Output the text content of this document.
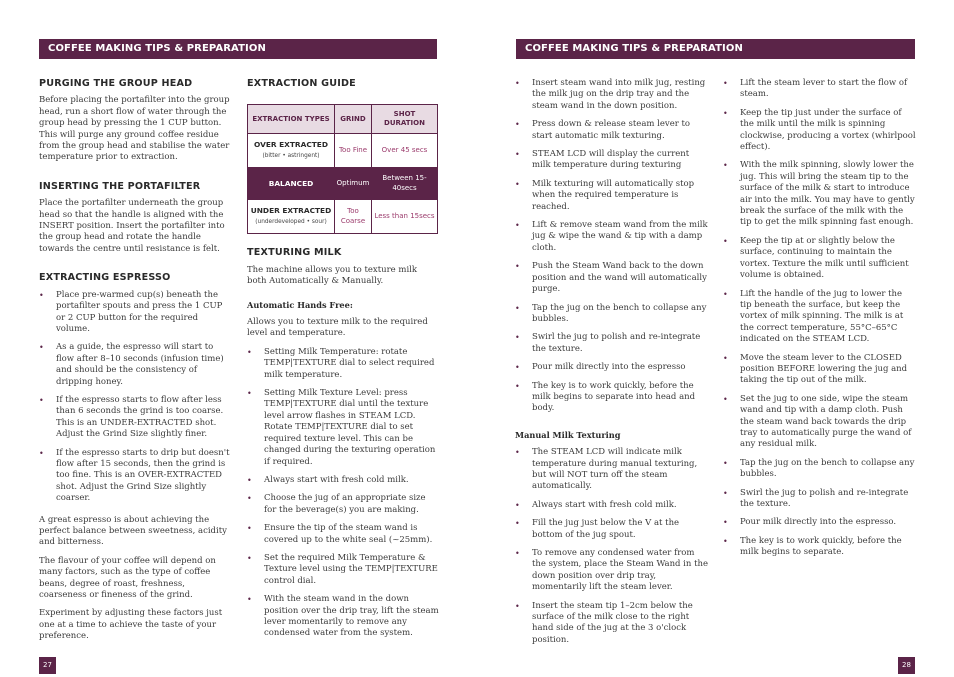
COFFEE MAKING TIPS & PREPARATION
PURGING THE GROUP HEAD

Before placing the portafilter into the group head, run a short flow of water through the group head by pressing the 1 CUP button. This will purge any ground coffee residue from the group head and stabilise the water temperature prior to extraction.

INSERTING THE PORTAFILTER

Place the portafilter underneath the group head so that the handle is aligned with the INSERT position. Insert the portafilter into the group head and rotate the handle towards the centre until resistance is felt.

EXTRACTING ESPRESSO
• Place pre-warmed cup(s) beneath the portafilter spouts and press the 1 CUP or 2 CUP button for the required volume.
• As a guide, the espresso will start to flow after 8–10 seconds (infusion time) and should be the consistency of dripping honey.
• If the espresso starts to flow after less than 6 seconds the grind is too coarse. This is an UNDER-EXTRACTED shot. Adjust the Grind Size slightly finer.
• If the espresso starts to drip but doesn't flow after 15 seconds, then the grind is too fine. This is an OVER-EXTRACTED shot. Adjust the Grind Size slightly coarser.

A great espresso is about achieving the perfect balance between sweetness, acidity and bitterness.

The flavour of your coffee will depend on many factors, such as the type of coffee beans, degree of roast, freshness, coarseness or fineness of the grind.

Experiment by adjusting these factors just one at a time to achieve the taste of your preference.

EXTRACTION GUIDE
EXTRACTION TYPES	GRIND	SHOT DURATION
OVER EXTRACTED
(bitter • astringent)	Too Fine	Over 45 secs
BALANCED	Optimum	Between 15-40secs
UNDER EXTRACTED
(underdeveloped • sour)	Too Coarse	Less than 15secs
TEXTURING MILK

The machine allows you to texture milk both Automatically & Manually.

Automatic Hands Free:

Allows you to texture milk to the required level and temperature.

• Setting Milk Temperature: rotate TEMP|TEXTURE dial to select required milk temperature.
• Setting Milk Texture Level: press TEMP|TEXTURE dial until the texture level arrow flashes in STEAM LCD. Rotate TEMP|TEXTURE dial to set required texture level. This can be changed during the texturing operation if required.
• Always start with fresh cold milk.
• Choose the jug of an appropriate size for the beverage(s) you are making.
• Ensure the tip of the steam wand is covered up to the white seal (~25mm).
• Set the required Milk Temperature & Texture level using the TEMP|TEXTURE control dial.
• With the steam wand in the down position over the drip tray, lift the steam lever momentarily to remove any condensed water from the system.
27
COFFEE MAKING TIPS & PREPARATION
• Insert steam wand into milk jug, resting the milk jug on the drip tray and the steam wand in the down position.
• Press down & release steam lever to start automatic milk texturing.
• STEAM LCD will display the current milk temperature during texturing
• Milk texturing will automatically stop when the required temperature is reached.
• Lift & remove steam wand from the milk jug & wipe the wand & tip with a damp cloth.
• Push the Steam Wand back to the down position and the wand will automatically purge.
• Tap the jug on the bench to collapse any bubbles.
• Swirl the jug to polish and re-integrate the texture.
• Pour milk directly into the espresso
• The key is to work quickly, before the milk begins to separate into head and body.
Manual Milk Texturing
• The STEAM LCD will indicate milk temperature during manual texturing, but will NOT turn off the steam automatically.
• Always start with fresh cold milk.
• Fill the jug just below the V at the bottom of the jug spout.
• To remove any condensed water from the system, place the Steam Wand in the down position over drip tray, momentarily lift the steam lever.
• Insert the steam tip 1–2cm below the surface of the milk close to the right hand side of the jug at the 3 o'clock position.
• Lift the steam lever to start the flow of steam.
• Keep the tip just under the surface of the milk until the milk is spinning clockwise, producing a vortex (whirlpool effect).
• With the milk spinning, slowly lower the jug. This will bring the steam tip to the surface of the milk & start to introduce air into the milk. You may have to gently break the surface of the milk with the tip to get the milk spinning fast enough.
• Keep the tip at or slightly below the surface, continuing to maintain the vortex. Texture the milk until sufficient volume is obtained.
• Lift the handle of the jug to lower the tip beneath the surface, but keep the vortex of milk spinning. The milk is at the correct temperature, 55°C–65°C indicated on the STEAM LCD.
• Move the steam lever to the CLOSED position BEFORE lowering the jug and taking the tip out of the milk.
• Set the jug to one side, wipe the steam wand and tip with a damp cloth. Push the steam wand back towards the drip tray to automatically purge the wand of any residual milk.
• Tap the jug on the bench to collapse any bubbles.
• Swirl the jug to polish and re-integrate the texture.
• Pour milk directly into the espresso.
• The key is to work quickly, before the milk begins to separate.
28
